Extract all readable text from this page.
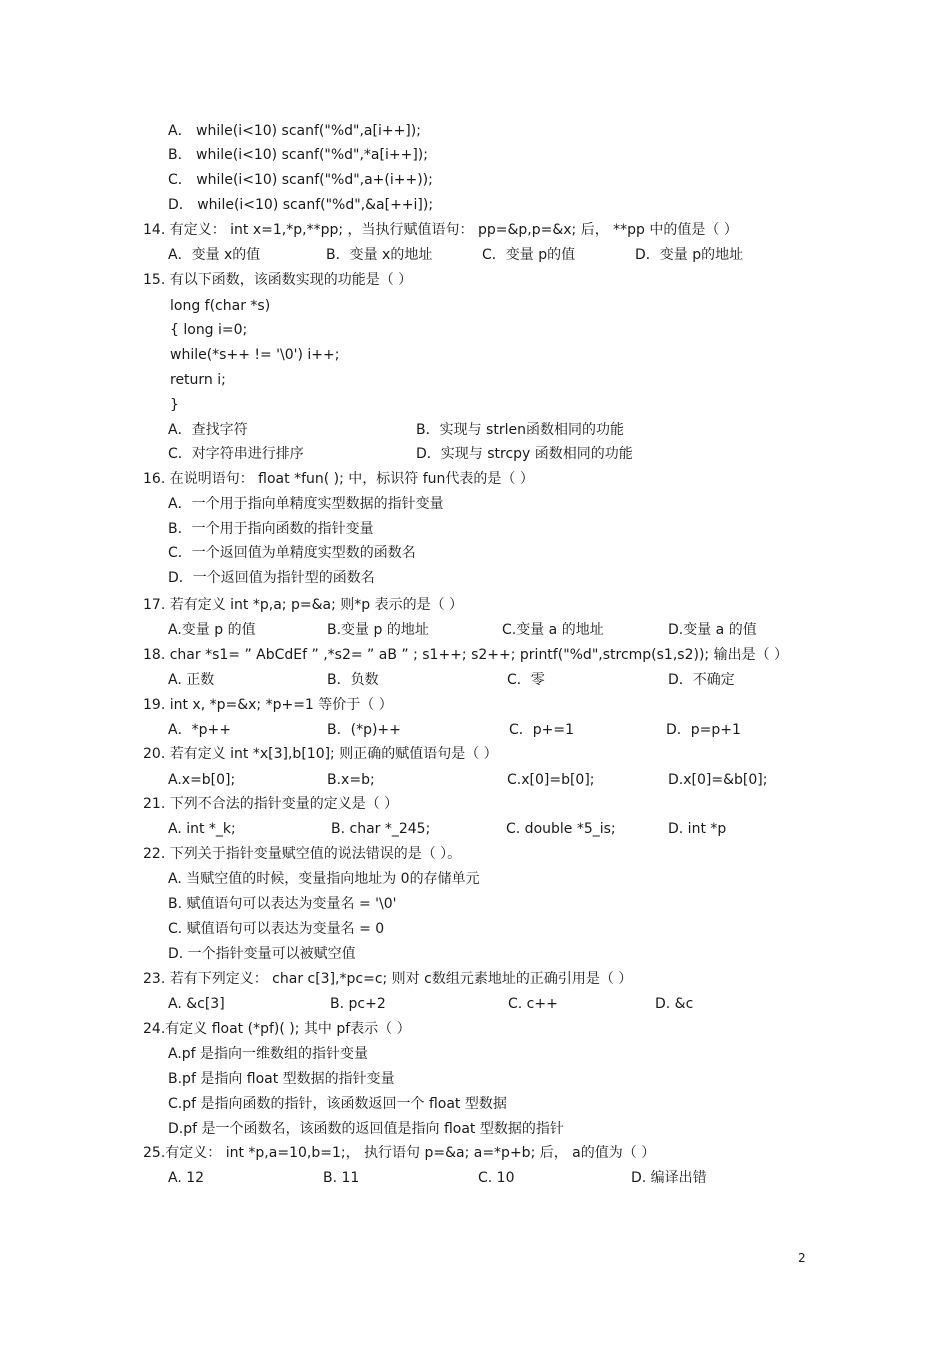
A． while(i<10) scanf("%d",a[i++]);
B． while(i<10) scanf("%d",*a[i++]);
C． while(i<10) scanf("%d",a+(i++));
D． while(i<10) scanf("%d",&a[++i]);
14. 有定义： int x=1,*p,**pp; ，当执行赋值语句： pp=&p,p=&x; 后， **pp 中的值是（ ）
A．变量 x的值	B．变量 x的地址	C．变量 p的值	D．变量 p的地址
15. 有以下函数，该函数实现的功能是（ ）
long f(char *s)
{ long i=0;
while(*s++ != '\0') i++;
return i;
}
A．查找字符	B．实现与 strlen函数相同的功能
C．对字符串进行排序	D．实现与 strcpy 函数相同的功能
16. 在说明语句： float *fun( ); 中，标识符 fun代表的是（ ）
A．一个用于指向单精度实型数据的指针变量
B．一个用于指向函数的指针变量
C．一个返回值为单精度实型数的函数名
D．一个返回值为指针型的函数名
17. 若有定义 int *p,a; p=&a; 则*p 表示的是（ ）
A.变量 p 的值	B.变量 p 的地址	C.变量 a 的地址	D.变量 a 的值
18. char *s1= ” AbCdEf ” ,*s2= ” aB ” ; s1++; s2++; printf("%d",strcmp(s1,s2)); 输出是（ ）
A. 正数	B．负数	C．零	D．不确定
19. int x, *p=&x; *p+=1 等价于（ ）
A．*p++	B．(*p)++	C．p+=1	D．p=p+1
20. 若有定义 int *x[3],b[10]; 则正确的赋值语句是（ ）
A.x=b[0];	B.x=b;	C.x[0]=b[0];	D.x[0]=&b[0];
21. 下列不合法的指针变量的定义是（ ）
A. int *_k;	B. char *_245;	C. double *5_is;	D. int *p
22. 下列关于指针变量赋空值的说法错误的是（ ）。
A. 当赋空值的时候，变量指向地址为 0的存储单元
B. 赋值语句可以表达为变量名 = '\0'
C. 赋值语句可以表达为变量名 = 0
D. 一个指针变量可以被赋空值
23. 若有下列定义： char c[3],*pc=c; 则对 c数组元素地址的正确引用是（ ）
A. &c[3]	B. pc+2	C. c++	D. &c
24.有定义 float (*pf)( ); 其中 pf表示（ ）
A.pf 是指向一维数组的指针变量
B.pf 是指向 float 型数据的指针变量
C.pf 是指向函数的指针，该函数返回一个 float 型数据
D.pf 是一个函数名，该函数的返回值是指向 float 型数据的指针
25.有定义： int *p,a=10,b=1;， 执行语句 p=&a; a=*p+b; 后， a的值为（ ）
A. 12	B. 11	C. 10	D. 编译出错
2
